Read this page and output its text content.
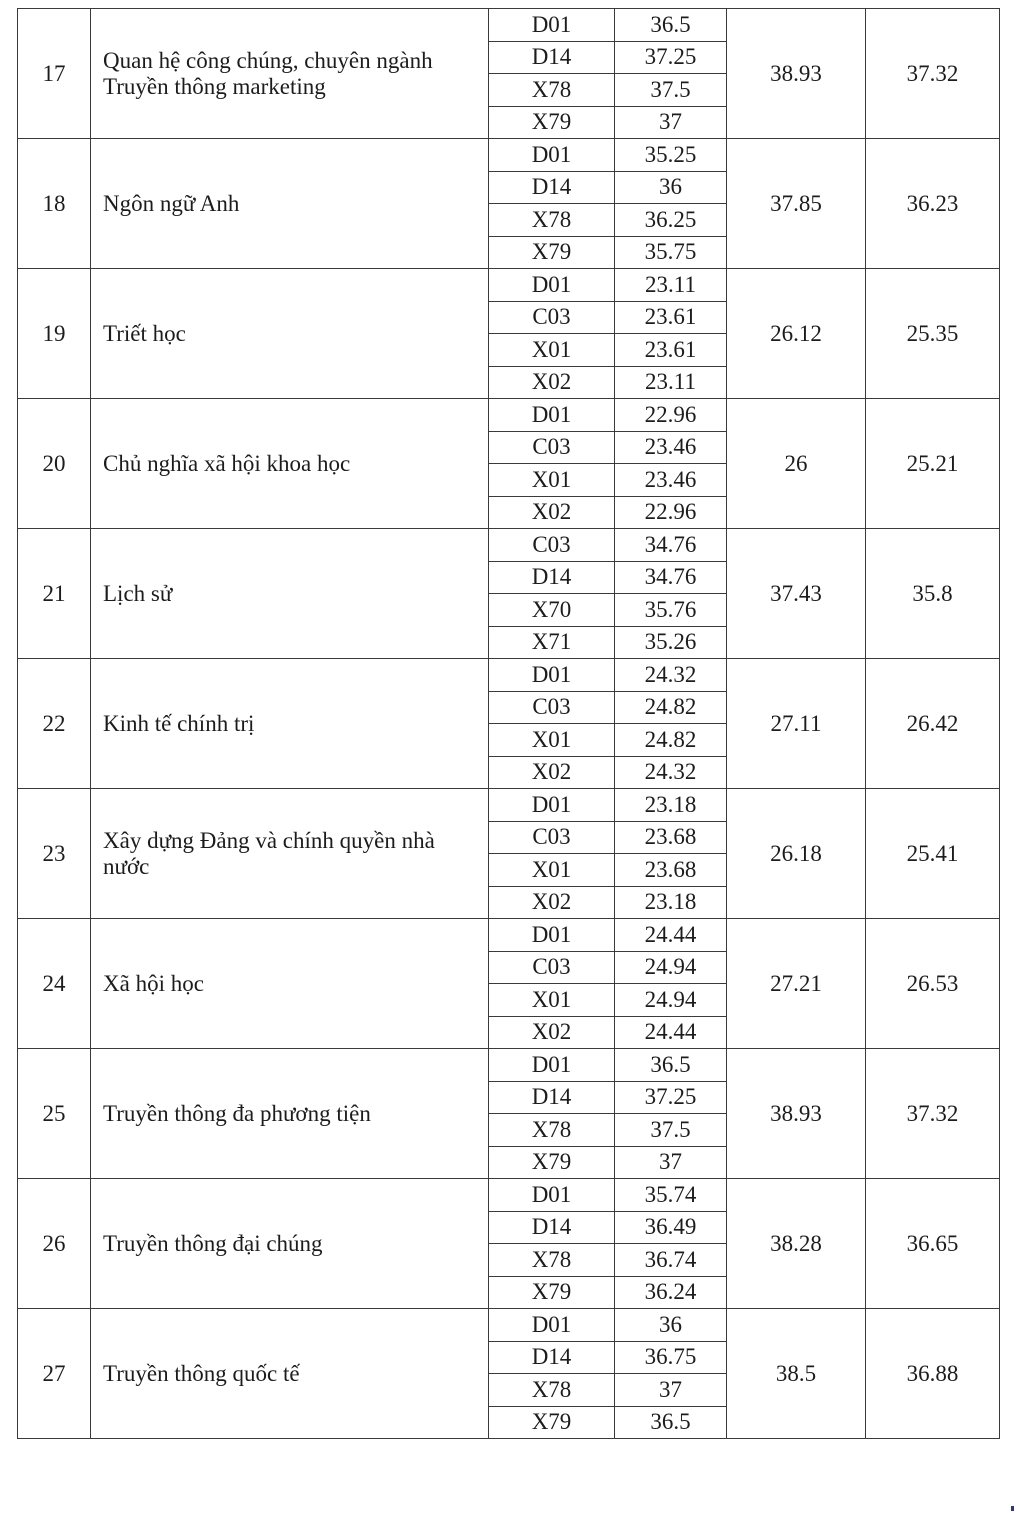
17	Quan hệ công chúng, chuyên ngành Truyền thông marketing	D01	36.5	38.93	37.32
		D14	37.25		
		X78	37.5		
		X79	37		
18	Ngôn ngữ Anh	D01	35.25	37.85	36.23
		D14	36		
		X78	36.25		
		X79	35.75		
19	Triết học	D01	23.11	26.12	25.35
		C03	23.61		
		X01	23.61		
		X02	23.11		
20	Chủ nghĩa xã hội khoa học	D01	22.96	26	25.21
		C03	23.46		
		X01	23.46		
		X02	22.96		
21	Lịch sử	C03	34.76	37.43	35.8
		D14	34.76		
		X70	35.76		
		X71	35.26		
22	Kinh tế chính trị	D01	24.32	27.11	26.42
		C03	24.82		
		X01	24.82		
		X02	24.32		
23	Xây dựng Đảng và chính quyền nhà nước	D01	23.18	26.18	25.41
		C03	23.68		
		X01	23.68		
		X02	23.18		
24	Xã hội học	D01	24.44	27.21	26.53
		C03	24.94		
		X01	24.94		
		X02	24.44		
25	Truyền thông đa phương tiện	D01	36.5	38.93	37.32
		D14	37.25		
		X78	37.5		
		X79	37		
26	Truyền thông đại chúng	D01	35.74	38.28	36.65
		D14	36.49		
		X78	36.74		
		X79	36.24		
27	Truyền thông quốc tế	D01	36	38.5	36.88
		D14	36.75		
		X78	37		
		X79	36.5		
